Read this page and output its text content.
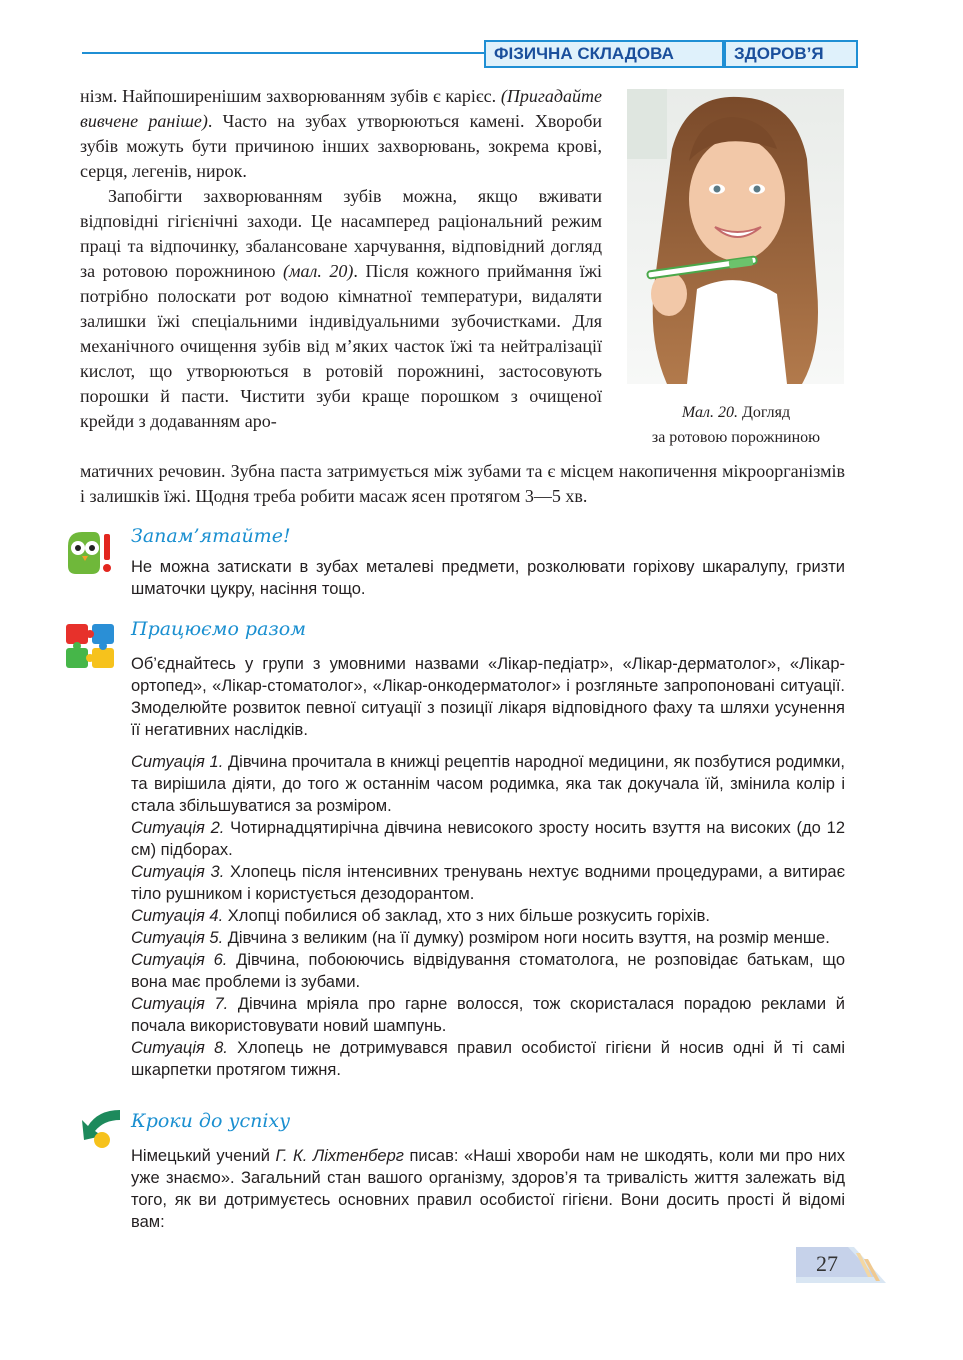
ФІЗИЧНА СКЛАДОВА	ЗДОРОВ’Я

нізм. Найпоширенішим захворюванням зубів є карієс. (Пригадайте вивчене раніше). Часто на зубах утворюються камені. Хвороби зубів можуть бути причиною інших захворювань, зокрема крові, серця, легенів, нирок.

Запобігти захворюванням зубів можна, якщо вживати відповідні гігієнічні заходи. Це насамперед раціональний режим праці та відпочинку, збалансоване харчування, відповідний догляд за ротовою порожниною (мал. 20). Після кожного приймання їжі потрібно полоскати рот водою кімнатної температури, видаляти залишки їжі спеціальними індивідуальними зубочистками. Для механічного очищення зубів від м’яких часток їжі та нейтралізації кислот, що утворюються в ротовій порожнині, застосовують порошки й пасти. Чистити зуби краще порошком з очищеної крейди з додаванням аро-

матичних речовин. Зубна паста затримується між зубами та є місцем накопичення мікроорганізмів і залишків їжі. Щодня треба робити масаж ясен протягом 3—5 хв.

Мал. 20. Догляд
за ротовою порожниною
Запам’ятайте!

Не можна затискати в зубах металеві предмети, розколювати горіхову шкаралупу, гризти шматочки цукру, насіння тощо.

Працюємо разом

Об’єднайтесь у групи з умовними назвами «Лікар-педіатр», «Лікар-дерматолог», «Лікар-ортопед», «Лікар-стоматолог», «Лікар-онкодерматолог» і розгляньте запропоновані ситуації. Змоделюйте розвиток певної ситуації з позиції лікаря відповідного фаху та шляхи усунення її негативних наслідків.

Ситуація 1. Дівчина прочитала в книжці рецептів народної медицини, як позбутися родимки, та вирішила діяти, до того ж останнім часом родимка, яка так докучала їй, змінила колір і стала збільшуватися за розміром.

Ситуація 2. Чотирнадцятирічна дівчина невисокого зросту носить взуття на високих (до 12 см) підборах.

Ситуація 3. Хлопець після інтенсивних тренувань нехтує водними процедурами, а витирає тіло рушником і користується дезодорантом.

Ситуація 4. Хлопці побилися об заклад, хто з них більше розкусить горіхів.

Ситуація 5. Дівчина з великим (на її думку) розміром ноги носить взуття, на розмір менше.

Ситуація 6. Дівчина, побоюючись відвідування стоматолога, не розповідає батькам, що вона має проблеми із зубами.

Ситуація 7. Дівчина мріяла про гарне волосся, тож скористалася порадою реклами й почала використовувати новий шампунь.

Ситуація 8. Хлопець не дотримувався правил особистої гігієни й носив одні й ті самі шкарпетки протягом тижня.

Кроки до успіху

Німецький учений Г. К. Ліхтенберг писав: «Наші хвороби нам не шкодять, коли ми про них уже знаємо». Загальний стан вашого організму, здоров’я та тривалість життя залежать від того, як ви дотримуєтесь основних правил особистої гігієни. Вони досить прості й відомі вам:

27
